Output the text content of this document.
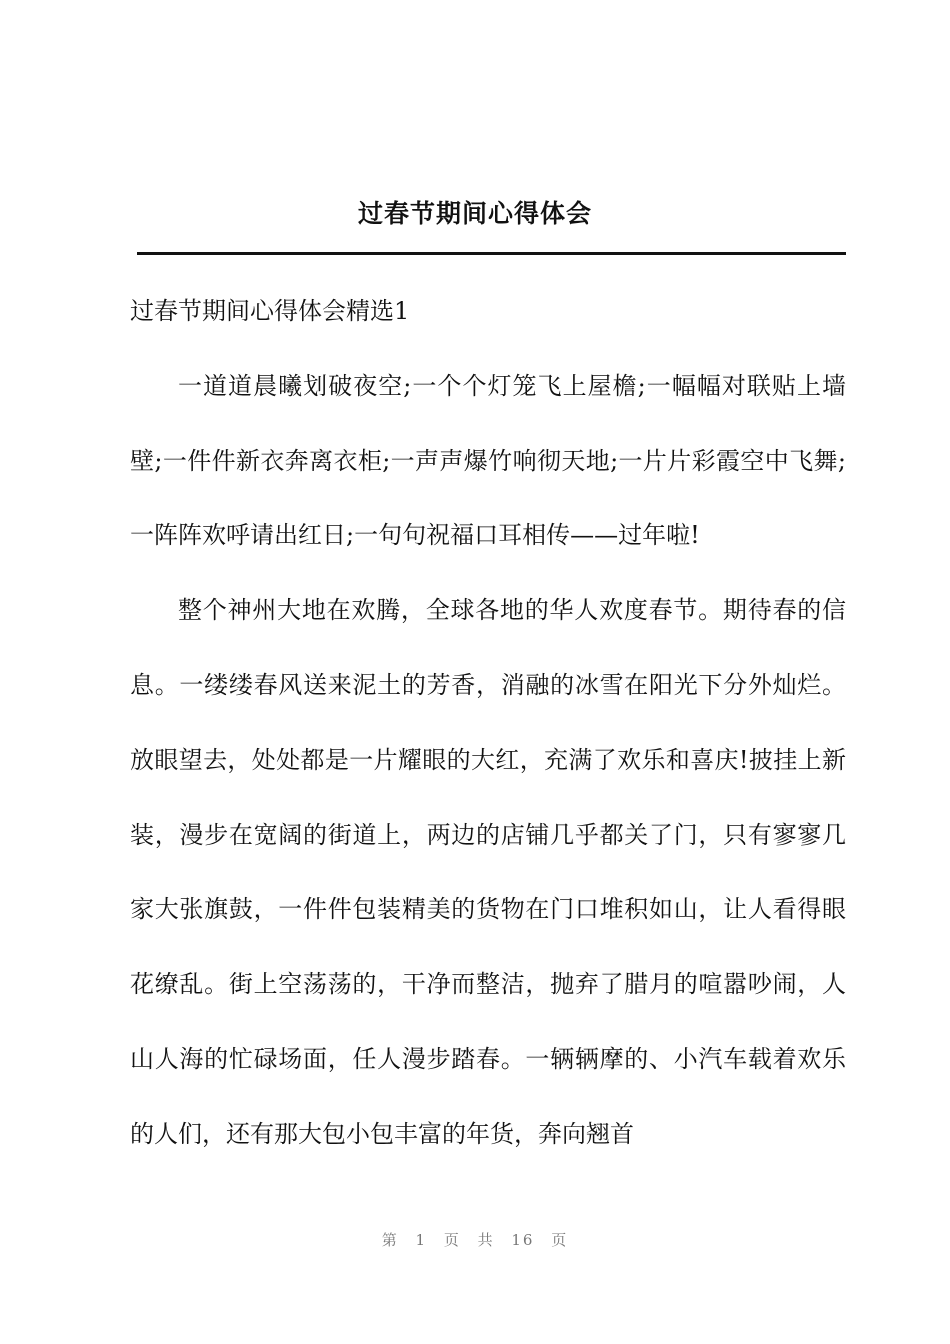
过春节期间心得体会

过春节期间心得体会精选1

一道道晨曦划破夜空;一个个灯笼飞上屋檐;一幅幅对联贴上墙壁;一件件新衣奔离衣柜;一声声爆竹响彻天地;一片片彩霞空中飞舞;一阵阵欢呼请出红日;一句句祝福口耳相传——过年啦!

整个神州大地在欢腾，全球各地的华人欢度春节。期待春的信息。一缕缕春风送来泥土的芳香，消融的冰雪在阳光下分外灿烂。放眼望去，处处都是一片耀眼的大红，充满了欢乐和喜庆!披挂上新装，漫步在宽阔的街道上，两边的店铺几乎都关了门，只有寥寥几家大张旗鼓，一件件包装精美的货物在门口堆积如山，让人看得眼花缭乱。街上空荡荡的，干净而整洁，抛弃了腊月的喧嚣吵闹，人山人海的忙碌场面，任人漫步踏春。一辆辆摩的、小汽车载着欢乐的人们，还有那大包小包丰富的年货，奔向翘首

第 1 页 共 16 页
